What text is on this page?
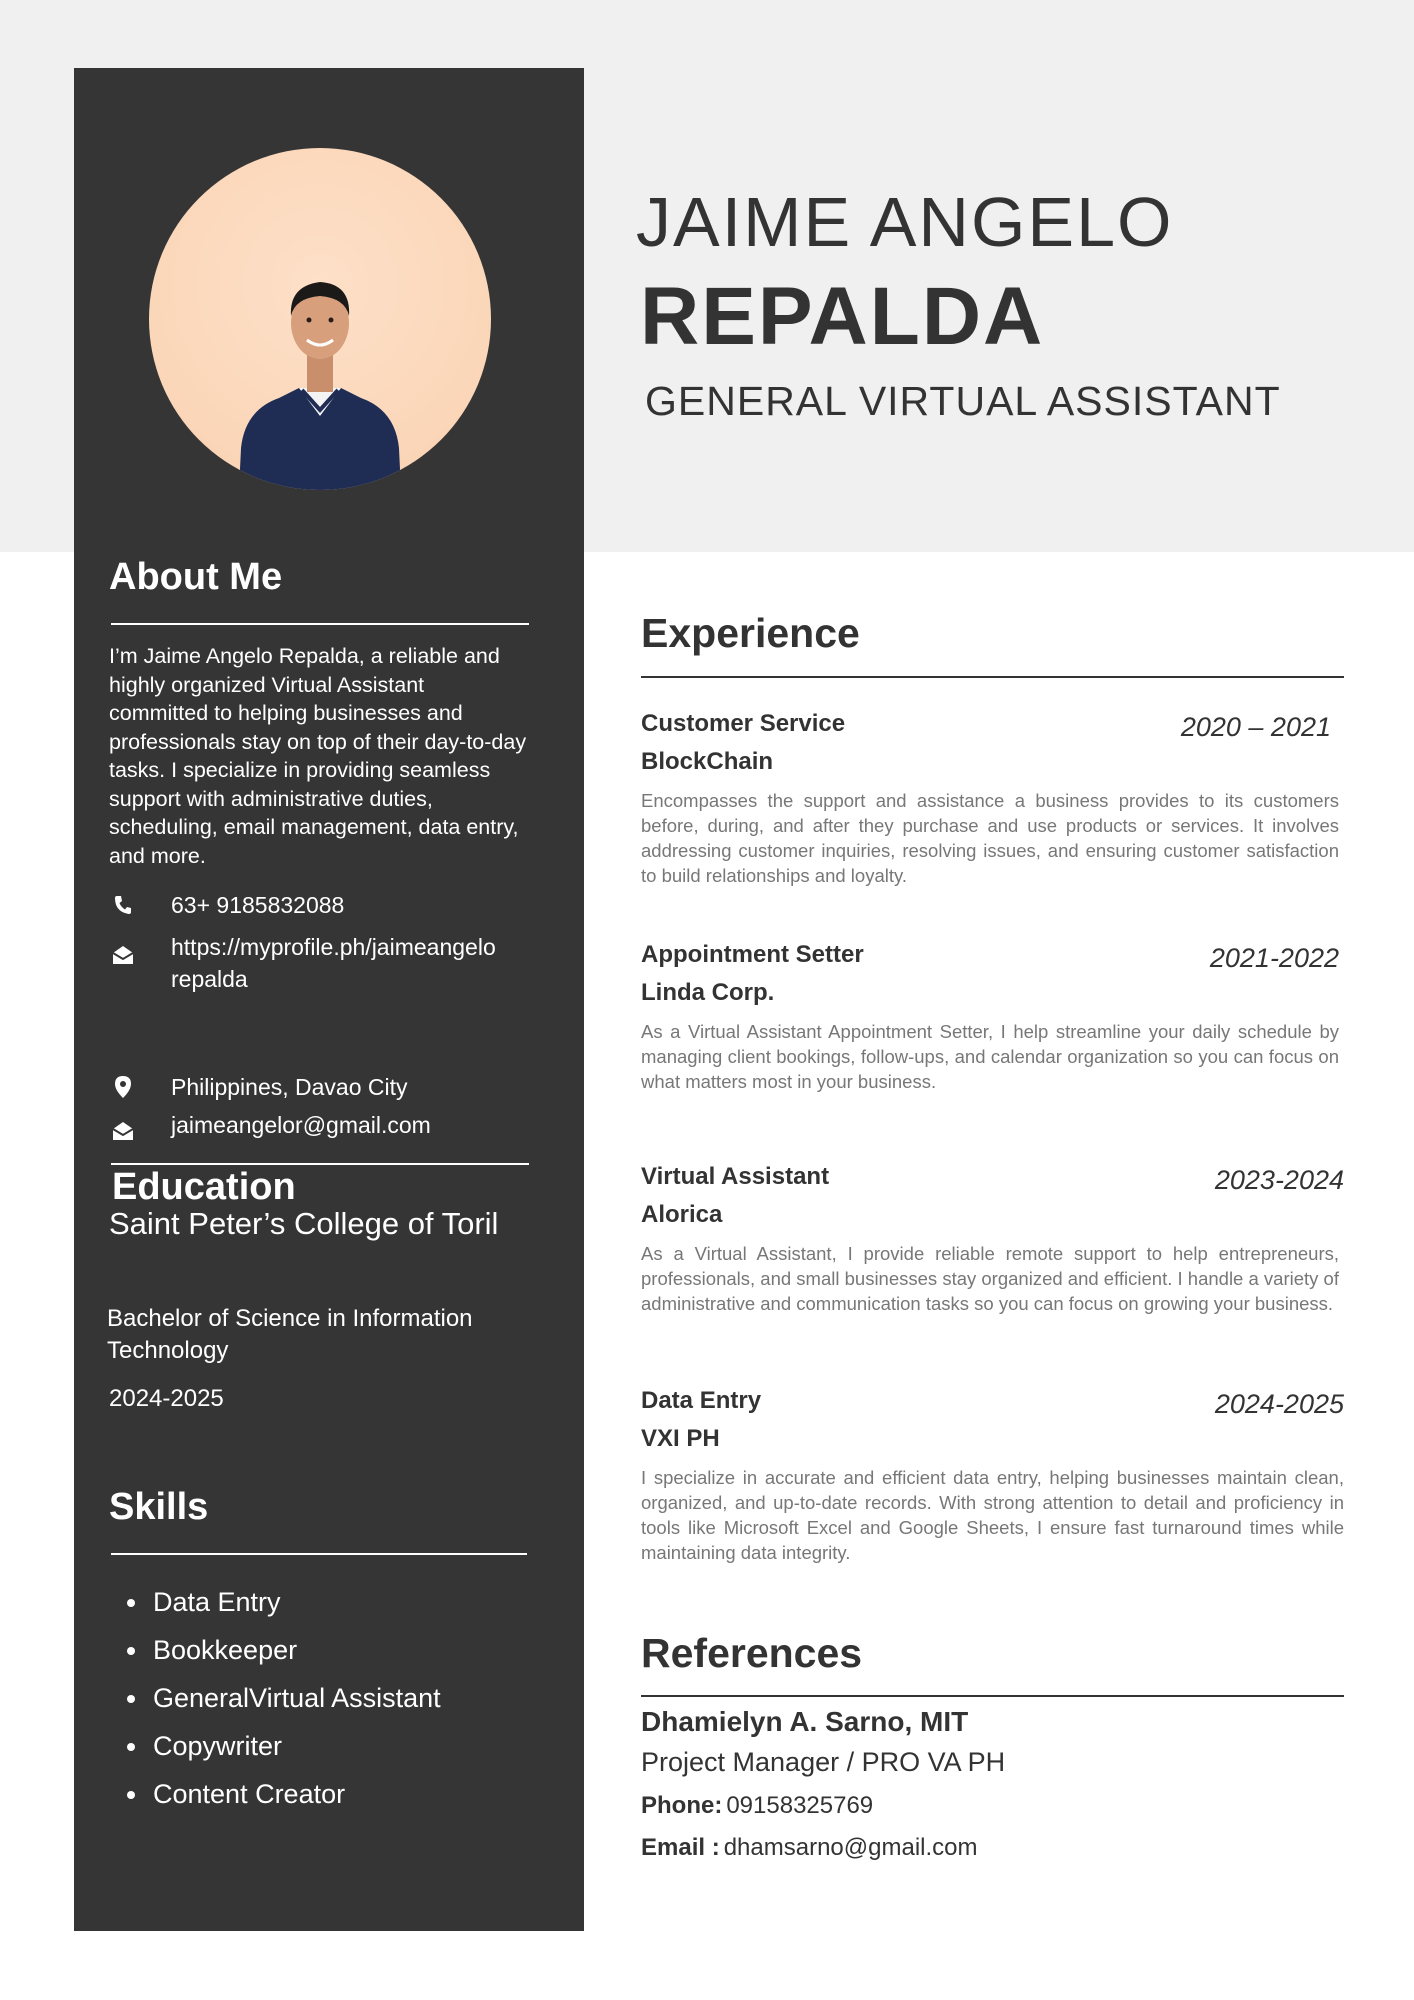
About Me
I’m Jaime Angelo Repalda, a reliable and highly organized Virtual Assistant committed to helping businesses and professionals stay on top of their day-to-day tasks. I specialize in providing seamless support with administrative duties, scheduling, email management, data entry, and more.
63+ 9185832088
https://myprofile.ph/jaimeangelorepalda
Philippines, Davao City
jaimeangelor@gmail.com
Education
Saint Peter’s College of Toril
Bachelor of Science in Information Technology
2024-2025
Skills
Data Entry
Bookkeeper
GeneralVirtual Assistant
Copywriter
Content Creator
JAIME ANGELO
REPALDA
GENERAL VIRTUAL ASSISTANT
Experience
Customer Service	2020 – 2021
BlockChain
Encompasses the support and assistance a business provides to its customers before, during, and after they purchase and use products or services. It involves addressing customer inquiries, resolving issues, and ensuring customer satisfaction to build relationships and loyalty.
Appointment Setter	2021-2022
Linda Corp.
As a Virtual Assistant Appointment Setter, I help streamline your daily schedule by managing client bookings, follow-ups, and calendar organization so you can focus on what matters most in your business.
Virtual Assistant	2023-2024
Alorica
As a Virtual Assistant, I provide reliable remote support to help entrepreneurs, professionals, and small businesses stay organized and efficient. I handle a variety of administrative and communication tasks so you can focus on growing your business.
Data Entry	2024-2025
VXI PH
I specialize in accurate and efficient data entry, helping businesses maintain clean, organized, and up-to-date records. With strong attention to detail and proficiency in tools like Microsoft Excel and Google Sheets, I ensure fast turnaround times while maintaining data integrity.
References
Dhamielyn A. Sarno, MIT
Project Manager / PRO VA PH
Phone: 09158325769
Email : dhamsarno@gmail.com
